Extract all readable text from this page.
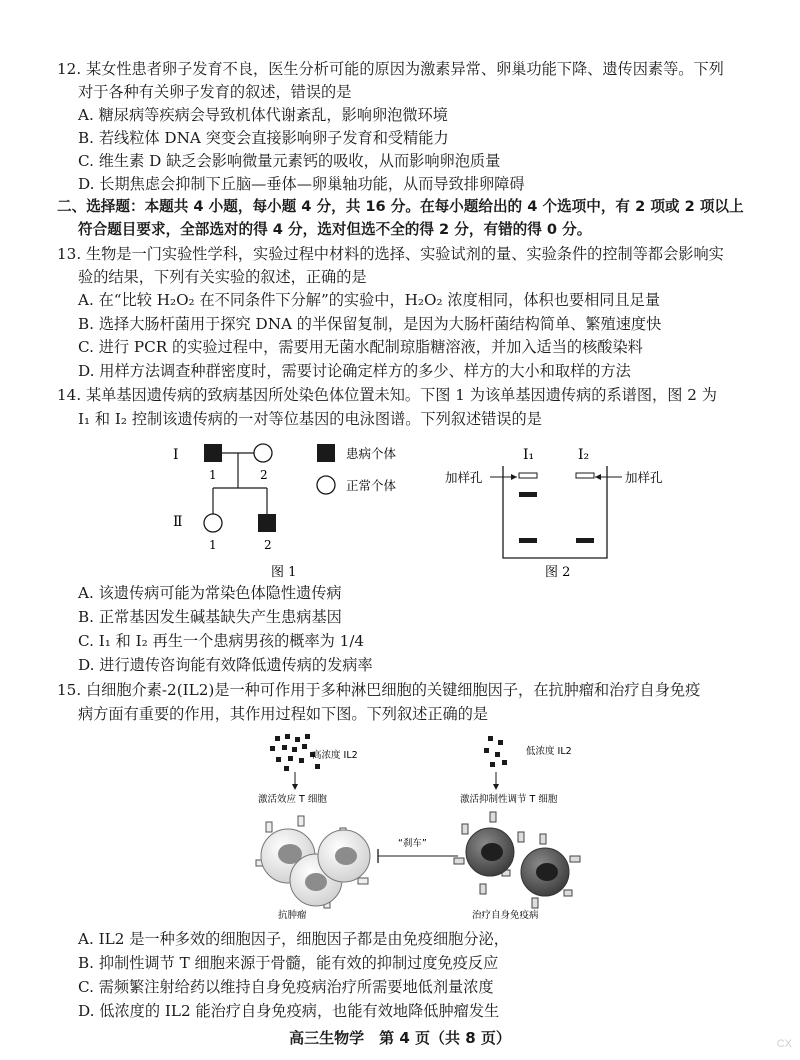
12. 某女性患者卵子发育不良，医生分析可能的原因为激素异常、卵巢功能下降、遗传因素等。下列
对于各种有关卵子发育的叙述，错误的是
A. 糖尿病等疾病会导致机体代谢紊乱，影响卵泡微环境
B. 若线粒体 DNA 突变会直接影响卵子发育和受精能力
C. 维生素 D 缺乏会影响微量元素钙的吸收，从而影响卵泡质量
D. 长期焦虑会抑制下丘脑—垂体—卵巢轴功能，从而导致排卵障碍
二、选择题：本题共 4 小题，每小题 4 分，共 16 分。在每小题给出的 4 个选项中，有 2 项或 2 项以上
符合题目要求，全部选对的得 4 分，选对但选不全的得 2 分，有错的得 0 分。
13. 生物是一门实验性学科，实验过程中材料的选择、实验试剂的量、实验条件的控制等都会影响实
验的结果，下列有关实验的叙述，正确的是
A. 在“比较 H₂O₂ 在不同条件下分解”的实验中，H₂O₂ 浓度相同，体积也要相同且足量
B. 选择大肠杆菌用于探究 DNA 的半保留复制，是因为大肠杆菌结构简单、繁殖速度快
C. 进行 PCR 的实验过程中，需要用无菌水配制琼脂糖溶液，并加入适当的核酸染料
D. 用样方法调查种群密度时，需要讨论确定样方的多少、样方的大小和取样的方法
14. 某单基因遗传病的致病基因所处染色体位置未知。下图 1 为该单基因遗传病的系谱图，图 2 为
Ⅰ₁ 和 Ⅰ₂ 控制该遗传病的一对等位基因的电泳图谱。下列叙述错误的是
Ⅰ
1	2
Ⅱ
1	2
患病个体
正常个体
图 1
Ⅰ₁	Ⅰ₂
加样孔	加样孔
图 2
A. 该遗传病可能为常染色体隐性遗传病
B. 正常基因发生碱基缺失产生患病基因
C. Ⅰ₁ 和 Ⅰ₂ 再生一个患病男孩的概率为 1/4
D. 进行遗传咨询能有效降低遗传病的发病率
15. 白细胞介素-2(IL2)是一种可作用于多种淋巴细胞的关键细胞因子，在抗肿瘤和治疗自身免疫
病方面有重要的作用，其作用过程如下图。下列叙述正确的是
高浓度 IL2
激活效应 T 细胞
低浓度 IL2
激活抑制性调节 T 细胞
抗肿瘤
“刹车”
治疗自身免疫病
A. IL2 是一种多效的细胞因子，细胞因子都是由免疫细胞分泌，
B. 抑制性调节 T 细胞来源于骨髓，能有效的抑制过度免疫反应
C. 需频繁注射给药以维持自身免疫病治疗所需要地低剂量浓度
D. 低浓度的 IL2 能治疗自身免疫病，也能有效地降低肿瘤发生
高三生物学　第 4 页（共 8 页）	CX
